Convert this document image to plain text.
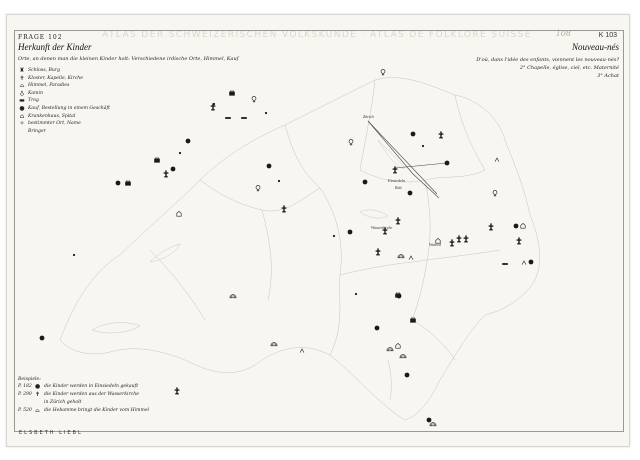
ATLAS DER SCHWEIZERISCHEN VOLKSKUNDE · ATLAS DE FOLKLORE SUISSE	108	K 103
Zürich
Einsiedeln
Wasserkirche
Wattwil
Rüti
FRAGE 102
Herkunft der Kinder
Orte, an denen man die kleinen Kinder holt: Verschiedene irdische Orte, Himmel, Kauf
Nouveau-nés
D'où, dans l'idée des enfants, viennent les nouveau-nés?
2° Chapelle, église, ciel, etc. Maternité
3° Achat
♜ Schloss, Burg
✝ Kloster, Kapelle, Kirche
⌓ Himmel, Paradies
♁ Kamin
▬ Trog
● Kauf, Bestellung in einem Geschäft
⌂ Krankenhaus, Spital
✧ bestimmter Ort, Name
Bringer
Beispiele:
P. 182 ● die Kinder werden in Einsiedeln gekauft
P. 290 ✝ die Kinder werden aus der Wasserkirche
in Zürich geholt
P. 520 ⌓ die Hebamme bringt die Kinder vom Himmel
ELSBETH LIEBL
